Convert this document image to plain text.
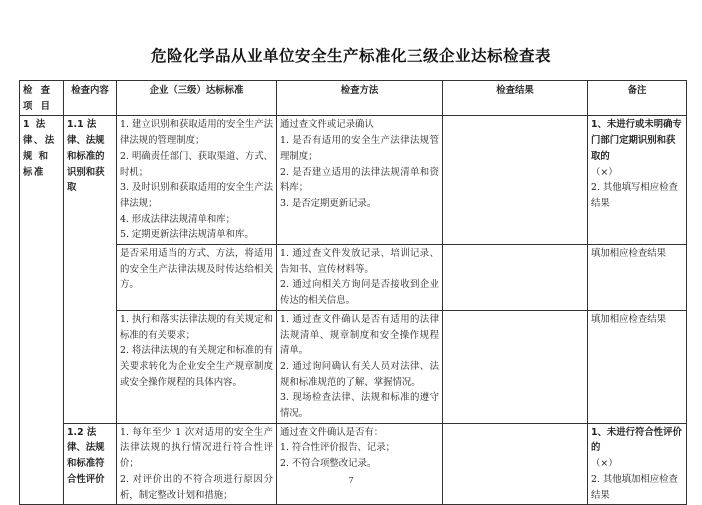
危险化学品从业单位安全生产标准化三级企业达标检查表
检 查 项 目	检查内容	企业（三级）达标标准	检查方法	检查结果	备注
1 法律、法 规 和 标准	1.1 法律、法规和标准的识别和获取	1. 建立识别和获取适用的安全生产法律法规的管理制度；
2. 明确责任部门、获取渠道、方式、时机；
3. 及时识别和获取适用的安全生产法律法规；
4. 形成法律法规清单和库；
5. 定期更新法律法规清单和库。	通过查文件或记录确认
1. 是否有适用的安全生产法律法规管理制度；
2. 是否建立适用的法律法规清单和资料库；
3. 是否定期更新记录。		1、未进行或未明确专门部门定期识别和获取的
（×）
2. 其他填写相应检查结果

		是否采用适当的方式、方法，将适用的安全生产法律法规及时传达给相关方。	1. 通过查文件发放记录、培训记录、告知书、宣传材料等。
2. 通过向相关方询问是否接收到企业传达的相关信息。		填加相应检查结果

		1. 执行和落实法律法规的有关规定和标准的有关要求；
2. 将法律法规的有关规定和标准的有关要求转化为企业安全生产规章制度或安全操作规程的具体内容。	1. 通过查文件确认是否有适用的法律法规清单、规章制度和安全操作规程清单。
2. 通过询问确认有关人员对法律、法规和标准规范的了解、掌握情况。
3. 现场检查法律、法规和标准的遵守情况。		填加相应检查结果

	1.2 法律、法规和标准符合性评价	1. 每年至少 1 次对适用的安全生产法律法规的执行情况进行符合性评价；
2. 对评价出的不符合项进行原因分析，制定整改计划和措施；	通过查文件确认是否有：
1. 符合性评价报告、记录；
2. 不符合项整改记录。		1、未进行符合性评价的
（×）
2. 其他填加相应检查结果
7
